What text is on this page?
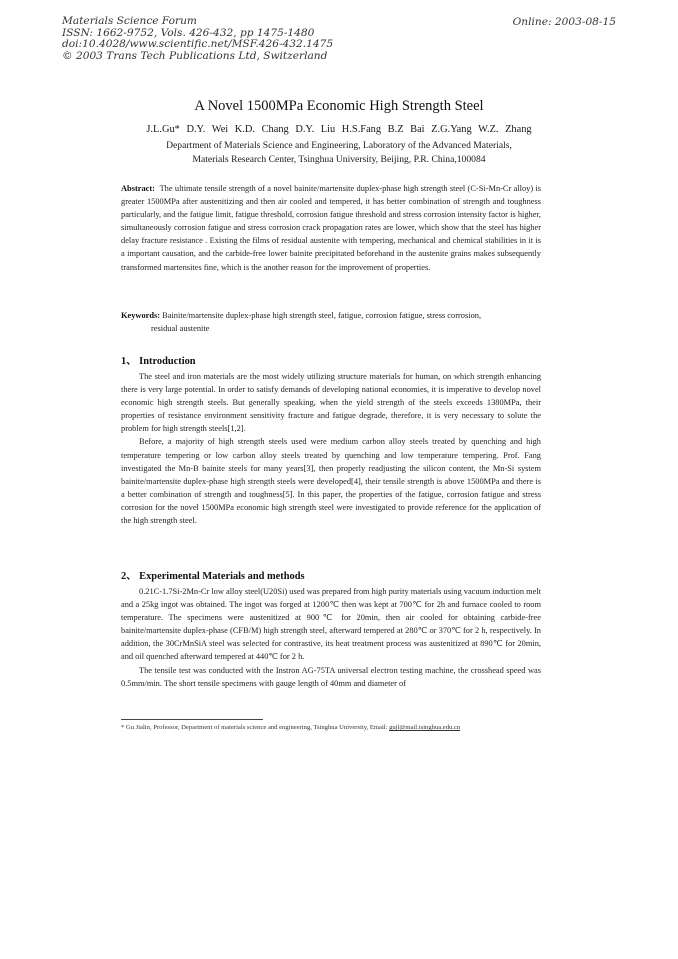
Materials Science Forum
ISSN: 1662-9752, Vols. 426-432, pp 1475-1480
doi:10.4028/www.scientific.net/MSF.426-432.1475
© 2003 Trans Tech Publications Ltd, Switzerland
Online: 2003-08-15
A Novel 1500MPa Economic High Strength Steel
J.L.Gu* D.Y. Wei K.D. Chang D.Y. Liu H.S.Fang B.Z Bai Z.G.Yang W.Z. Zhang
Department of Materials Science and Engineering, Laboratory of the Advanced Materials,
Materials Research Center, Tsinghua University, Beijing, P.R. China,100084

Abstract: The ultimate tensile strength of a novel bainite/martensite duplex-phase high strength steel (C-Si-Mn-Cr alloy) is greater 1500MPa after austenitizing and then air cooled and tempered, it has better combination of strength and toughness particularly, and the fatigue limit, fatigue threshold, corrosion fatigue threshold and stress corrosion intensity factor is higher, simultaneously corrosion fatigue and stress corrosion crack propagation rates are lower, which show that the steel has higher delay fracture resistance . Existing the films of residual austenite with tempering, mechanical and chemical stabilities in it is a important causation, and the carbide-free lower bainite precipitated beforehand in the austenite grains makes subsequently transformed martensites fine, which is the another reason for the improvement of properties.

Keywords: Bainite/martensite duplex-phase high strength steel, fatigue, corrosion fatigue, stress corrosion,

residual austenite

1、 Introduction

The steel and iron materials are the most widely utilizing structure materials for human, on which strength enhancing there is very large potential. In order to satisfy demands of developing national economies, it is imperative to develop novel economic high strength steels. But generally speaking, when the yield strength of the steels exceeds 1380MPa, their properties of resistance environment sensitivity fracture and fatigue degrade, therefore, it is very necessary to solute the problem for high strength steels[1,2].

Before, a majority of high strength steels used were medium carbon alloy steels treated by quenching and high temperature tempering or low carbon alloy steels treated by quenching and low temperature tempering. Prof. Fang investigated the Mn-B bainite steels for many years[3], then properly readjusting the silicon content, the Mn-Si system bainite/martensite duplex-phase high strength steels were developed[4], their tensile strength is above 1500MPa and there is a better combination of strength and toughness[5]. In this paper, the properties of the fatigue, corrosion fatigue and stress corrosion for the novel 1500MPa economic high strength steel were investigated to provide reference for the application of the high strength steel.

2、 Experimental Materials and methods

0.21C-1.7Si-2Mn-Cr low alloy steel(U20Si) used was prepared from high purity materials using vacuum induction melt and a 25kg ingot was obtained. The ingot was forged at 1200℃ then was kept at 700℃ for 2h and furnace cooled to room temperature. The specimens were austenitized at 900℃ for 20min, then air cooled for obtaining carbide-free bainite/martensite duplex-phase (CFB/M) high strength steel, afterward tempered at 280℃ or 370℃ for 2 h, respectively. In addition, the 30CrMnSiA steel was selected for contrastive, its heat treatment process was austenitized at 890℃ for 20min, and oil quenched afterward tempered at 440℃ for 2 h.

The tensile test was conducted with the Instron AG-75TA universal electron testing machine, the crosshead speed was 0.5mm/min. The short tensile specimens with gauge length of 40mm and diameter of

* Gu Jialin, Professor, Department of materials science and engineering, Tsinghua University, Email: gujl@mail.tsinghua.edu.cn
